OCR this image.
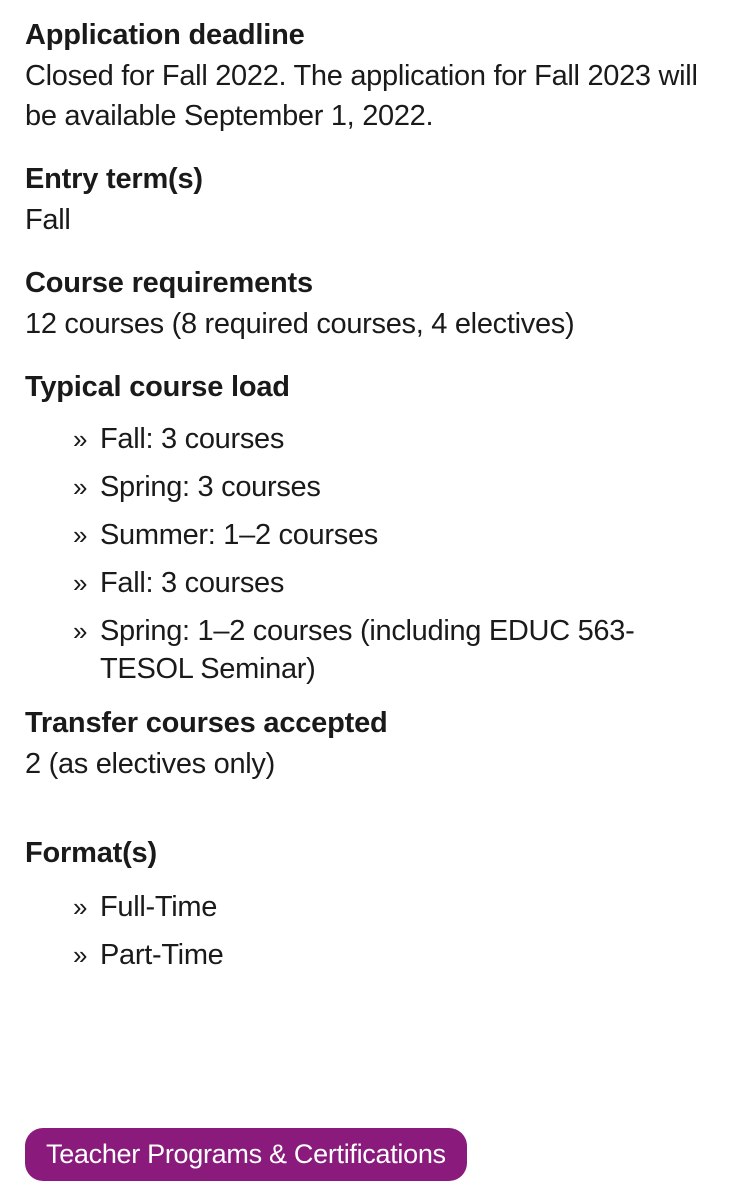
Application deadline

Closed for Fall 2022. The application for Fall 2023 will be available September 1, 2022.

Entry term(s)

Fall

Course requirements

12 courses (8 required courses, 4 electives)

Typical course load
» Fall: 3 courses
» Spring: 3 courses
» Summer: 1–2 courses
» Fall: 3 courses
» Spring: 1–2 courses (including EDUC 563-TESOL Seminar)
Transfer courses accepted

2 (as electives only)

Format(s)
» Full-Time
» Part-Time
Teacher Programs & Certifications
